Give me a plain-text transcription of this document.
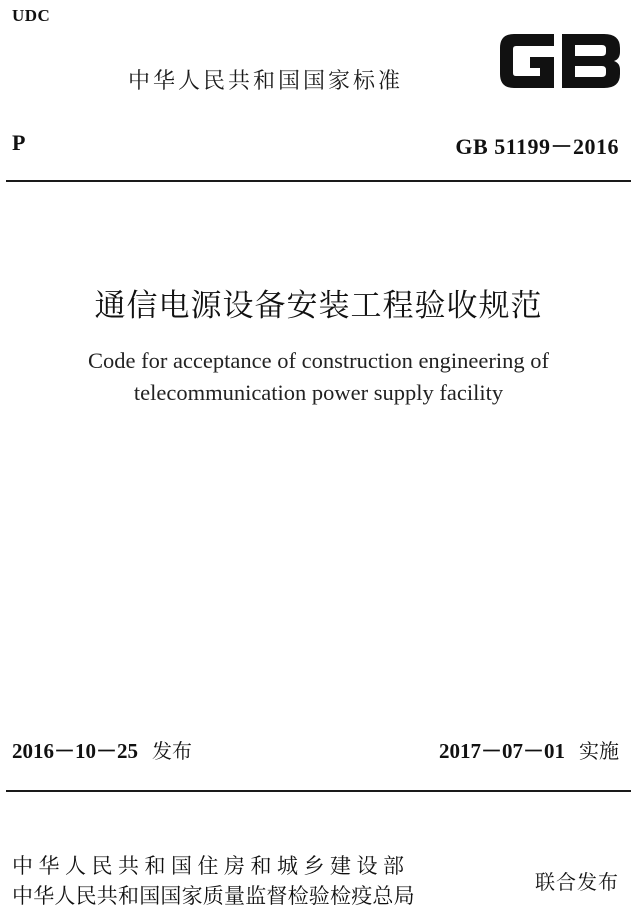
UDC
中华人民共和国国家标准
P	GB 51199－2016
通信电源设备安装工程验收规范
Code for acceptance of construction engineering of
telecommunication power supply facility
2016－10－25 发布	2017－07－01 实施
中华人民共和国住房和城乡建设部
中华人民共和国国家质量监督检验检疫总局
联合发布
